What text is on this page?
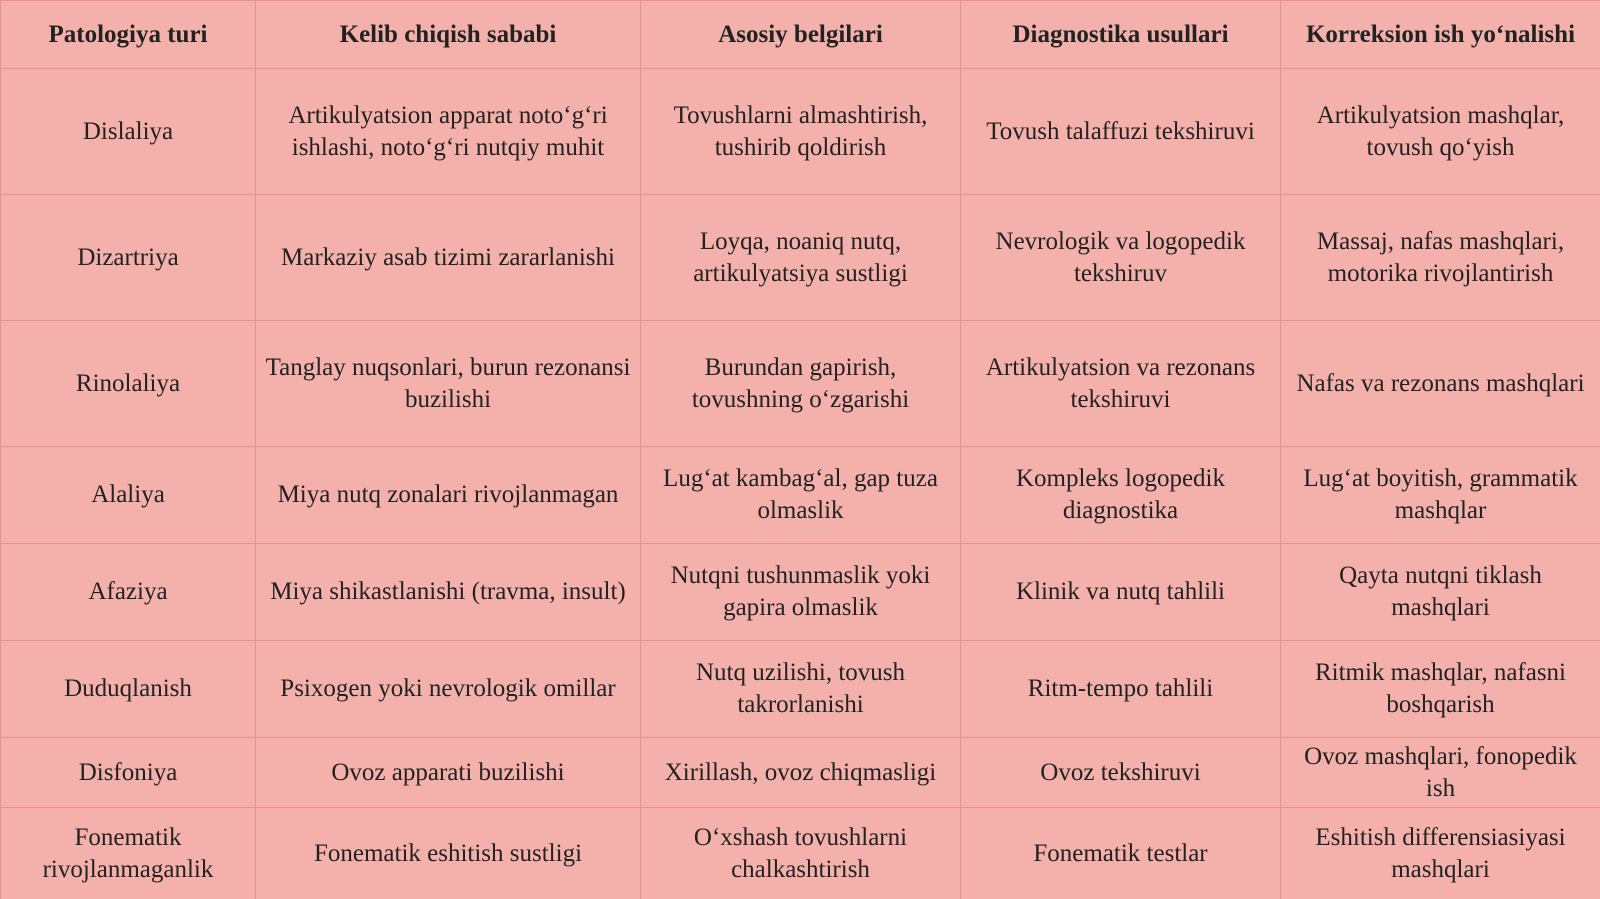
Patologiya turi	Kelib chiqish sababi	Asosiy belgilari	Diagnostika usullari	Korreksion ish yo‘nalishi
Dislaliya	Artikulyatsion apparat noto‘g‘ri ishlashi, noto‘g‘ri nutqiy muhit	Tovushlarni almashtirish, tushirib qoldirish	Tovush talaffuzi tekshiruvi	Artikulyatsion mashqlar, tovush qo‘yish
Dizartriya	Markaziy asab tizimi zararlanishi	Loyqa, noaniq nutq, artikulyatsiya sustligi	Nevrologik va logopedik tekshiruv	Massaj, nafas mashqlari, motorika rivojlantirish
Rinolaliya	Tanglay nuqsonlari, burun rezonansi buzilishi	Burundan gapirish, tovushning o‘zgarishi	Artikulyatsion va rezonans tekshiruvi	Nafas va rezonans mashqlari
Alaliya	Miya nutq zonalari rivojlanmagan	Lug‘at kambag‘al, gap tuza olmaslik	Kompleks logopedik diagnostika	Lug‘at boyitish, grammatik mashqlar
Afaziya	Miya shikastlanishi (travma, insult)	Nutqni tushunmaslik yoki gapira olmaslik	Klinik va nutq tahlili	Qayta nutqni tiklash mashqlari
Duduqlanish	Psixogen yoki nevrologik omillar	Nutq uzilishi, tovush takrorlanishi	Ritm-tempo tahlili	Ritmik mashqlar, nafasni boshqarish
Disfoniya	Ovoz apparati buzilishi	Xirillash, ovoz chiqmasligi	Ovoz tekshiruvi	Ovoz mashqlari, fonopedik ish
Fonematik rivojlanmaganlik	Fonematik eshitish sustligi	O‘xshash tovushlarni chalkashtirish	Fonematik testlar	Eshitish differensiasiyasi mashqlari
